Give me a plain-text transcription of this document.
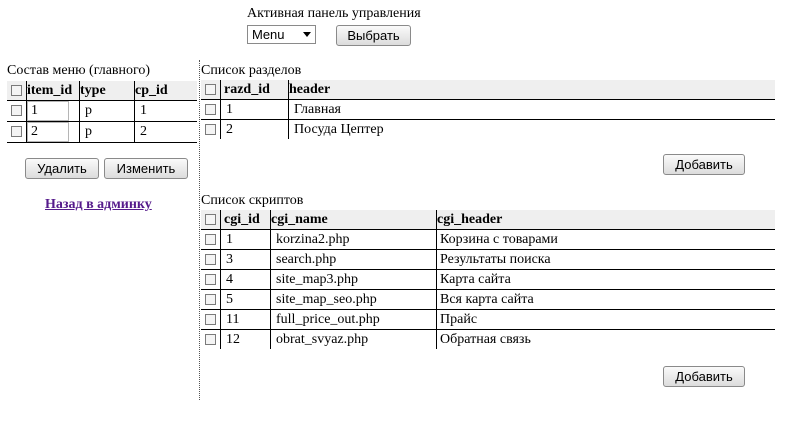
Активная панель управления
Menu	Выбрать
Состав меню (главного)
	item_id	type	cp_id
	1	p	1
	2	p	2
Удалить	Изменить
Назад в админку
Список разделов
	razd_id	header
	1	Главная
	2	Посуда Цептер
Добавить
Список скриптов
	cgi_id	cgi_name	cgi_header
	1	korzina2.php	Корзина с товарами
	3	search.php	Результаты поиска
	4	site_map3.php	Карта сайта
	5	site_map_seo.php	Вся карта сайта
	11	full_price_out.php	Прайс
	12	obrat_svyaz.php	Обратная связь
Добавить
